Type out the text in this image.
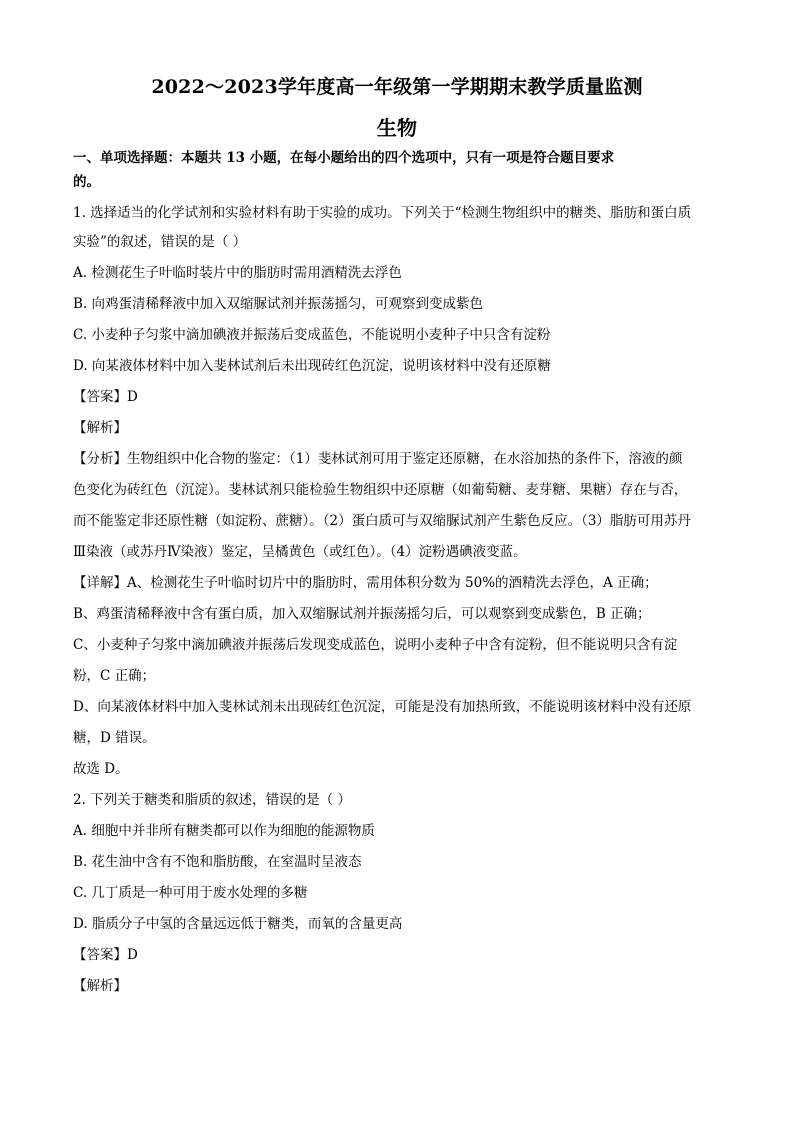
2022～2023学年度高一年级第一学期期末教学质量监测
生物
一、单项选择题：本题共 13 小题，在每小题给出的四个选项中，只有一项是符合题目要求
的。
1. 选择适当的化学试剂和实验材料有助于实验的成功。下列关于“检测生物组织中的糖类、脂肪和蛋白质
实验”的叙述，错误的是（ ）
A. 检测花生子叶临时装片中的脂肪时需用酒精洗去浮色
B. 向鸡蛋清稀释液中加入双缩脲试剂并振荡摇匀，可观察到变成紫色
C. 小麦种子匀浆中滴加碘液并振荡后变成蓝色，不能说明小麦种子中只含有淀粉
D. 向某液体材料中加入斐林试剂后未出现砖红色沉淀，说明该材料中没有还原糖
【答案】D
【解析】
【分析】生物组织中化合物的鉴定：（1）斐林试剂可用于鉴定还原糖，在水浴加热的条件下，溶液的颜
色变化为砖红色（沉淀）。斐林试剂只能检验生物组织中还原糖（如葡萄糖、麦芽糖、果糖）存在与否，
而不能鉴定非还原性糖（如淀粉、蔗糖）。（2）蛋白质可与双缩脲试剂产生紫色反应。（3）脂肪可用苏丹
Ⅲ染液（或苏丹Ⅳ染液）鉴定，呈橘黄色（或红色）。（4）淀粉遇碘液变蓝。
【详解】A、检测花生子叶临时切片中的脂肪时，需用体积分数为 50%的酒精洗去浮色，A 正确；
B、鸡蛋清稀释液中含有蛋白质，加入双缩脲试剂并振荡摇匀后，可以观察到变成紫色，B 正确；
C、小麦种子匀浆中滴加碘液并振荡后发现变成蓝色，说明小麦种子中含有淀粉，但不能说明只含有淀
粉，C 正确；
D、向某液体材料中加入斐林试剂未出现砖红色沉淀，可能是没有加热所致，不能说明该材料中没有还原
糖，D 错误。
故选 D。
2. 下列关于糖类和脂质的叙述，错误的是（ ）
A. 细胞中并非所有糖类都可以作为细胞的能源物质
B. 花生油中含有不饱和脂肪酸，在室温时呈液态
C. 几丁质是一种可用于废水处理的多糖
D. 脂质分子中氢的含量远远低于糖类，而氧的含量更高
【答案】D
【解析】
